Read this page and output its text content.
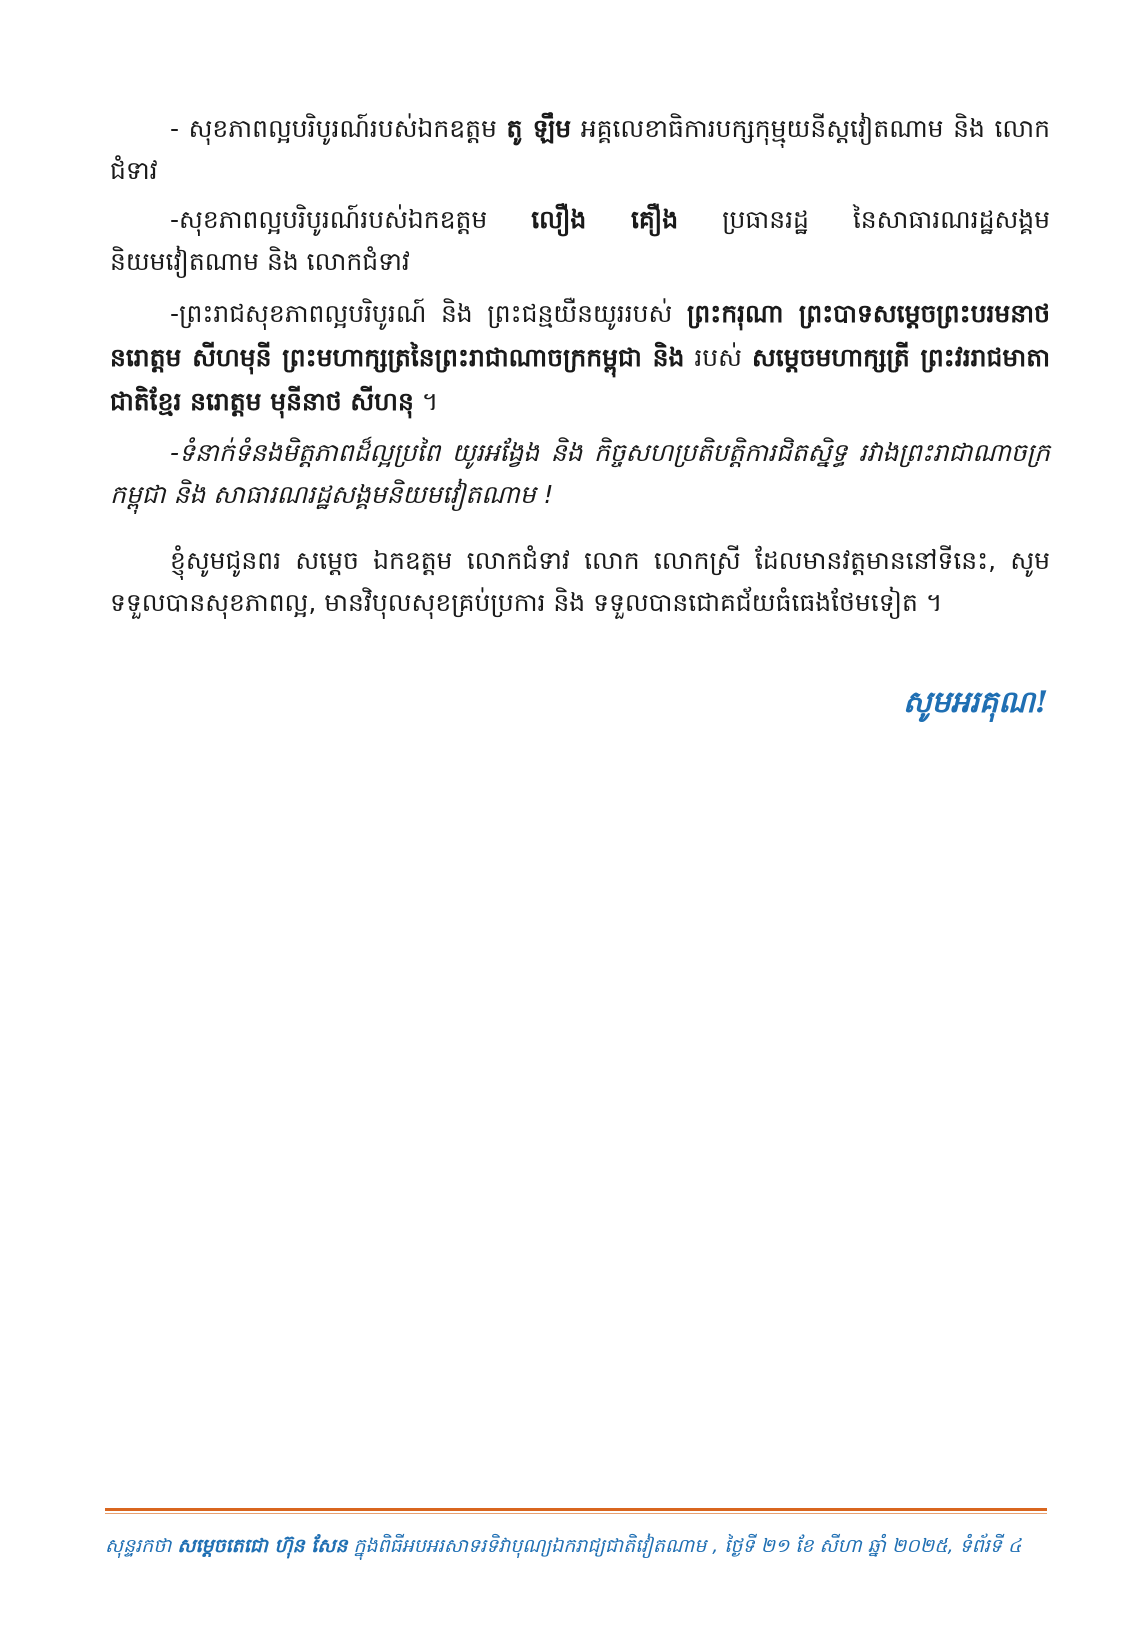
- សុខភាពល្អបរិបូរណ៍របស់ឯកឧត្តម តូ ឡឹម អគ្គលេខាធិការបក្សកុម្មុយនីស្តវៀតណាម និង លោកជំទាវ

-សុខភាពល្អបរិបូរណ៍របស់ឯកឧត្តម លឿង គឿង ប្រធានរដ្ឋ នៃសាធារណរដ្ឋសង្គមនិយមវៀតណាម និង លោកជំទាវ

-ព្រះរាជសុខភាពល្អបរិបូរណ៍ និង ព្រះជន្មយឺនយូររបស់ ព្រះករុណា ព្រះបាទសម្តេចព្រះបរមនាថ នរោត្តម សីហមុនី ព្រះមហាក្សត្រនៃព្រះរាជាណាចក្រកម្ពុជា និង របស់ សម្តេចមហាក្សត្រី ព្រះវររាជមាតាជាតិខ្មែរ នរោត្តម មុនីនាថ សីហនុ ។

-ទំនាក់ទំនងមិត្តភាពដ៏ល្អប្រពៃ យូរអង្វែង និង កិច្ចសហប្រតិបត្តិការជិតស្និទ្ធ រវាងព្រះរាជាណាចក្រកម្ពុជា និង សាធារណរដ្ឋសង្គមនិយមវៀតណាម !

ខ្ញុំសូមជូនពរ សម្តេច ឯកឧត្តម លោកជំទាវ លោក លោកស្រី ដែលមានវត្តមាននៅទីនេះ, សូមទទួលបានសុខភាពល្អ, មានវិបុលសុខគ្រប់ប្រការ និង ទទួលបានជោគជ័យធំធេងថែមទៀត ។

សូមអរគុណ!
សុន្ទរកថា សម្តេចតេជោ ហ៊ុន សែន ក្នុងពិធីអបអរសាទរទិវាបុណ្យឯករាជ្យជាតិវៀតណាម , ថ្ងៃទី ២១ ខែ សីហា ឆ្នាំ ២០២៥, ទំព័រទី ៤
